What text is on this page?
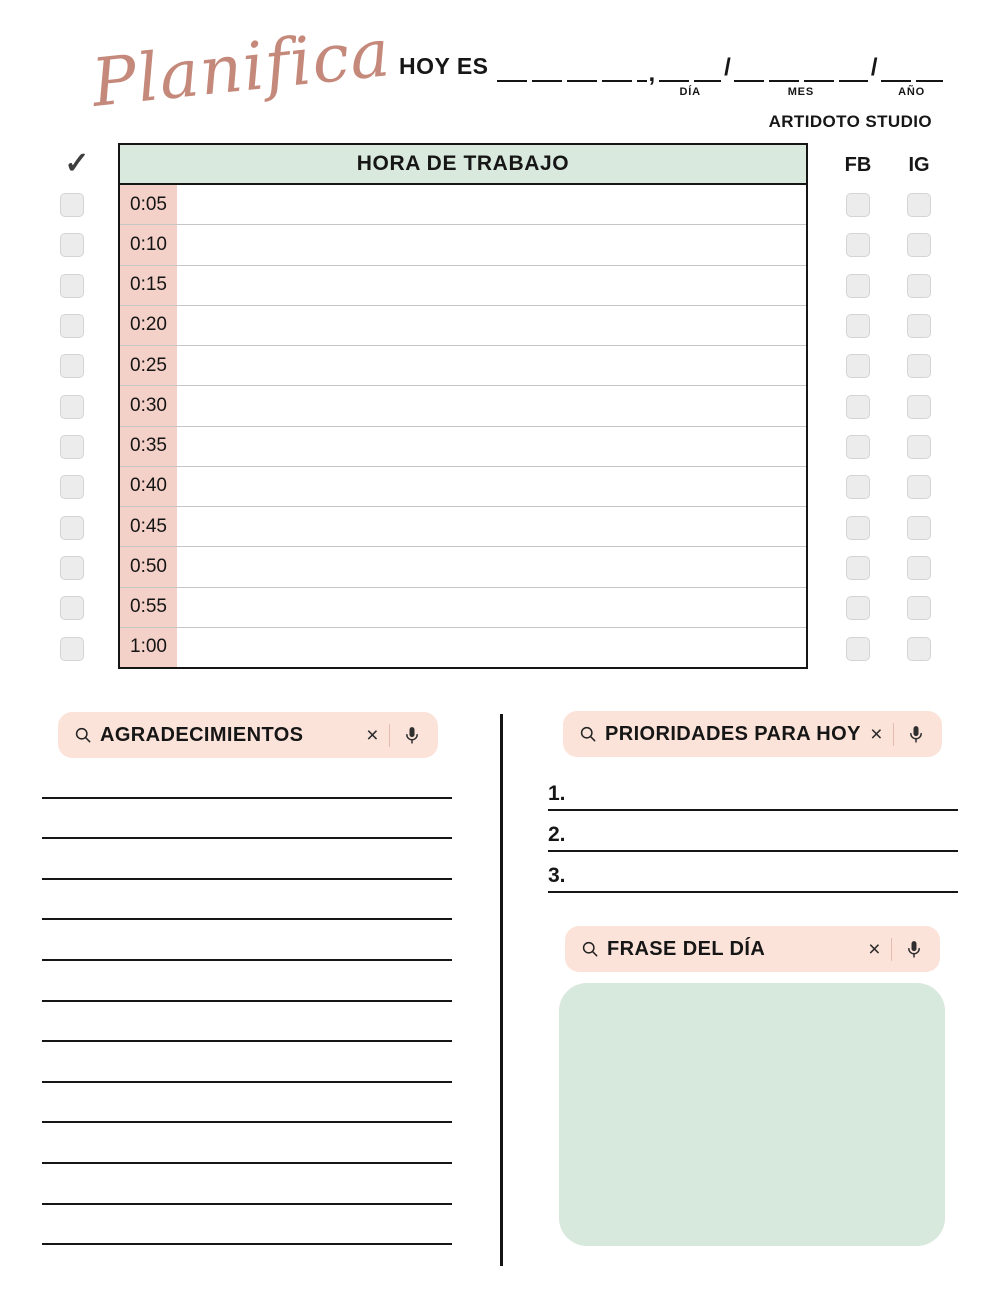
Planifica HOY ES	,
DÍA
/
MES
/
AÑO
ARTIDOTO STUDIO
✓	HORA DE TRABAJO	FB	IG
0:05
0:10
0:15
0:20
0:25
0:30
0:35
0:40
0:45
0:50
0:55
1:00
AGRADECIMIENTOS	×	PRIORIDADES PARA HOY ×
1.
2.
3.
FRASE DEL DÍA	×
